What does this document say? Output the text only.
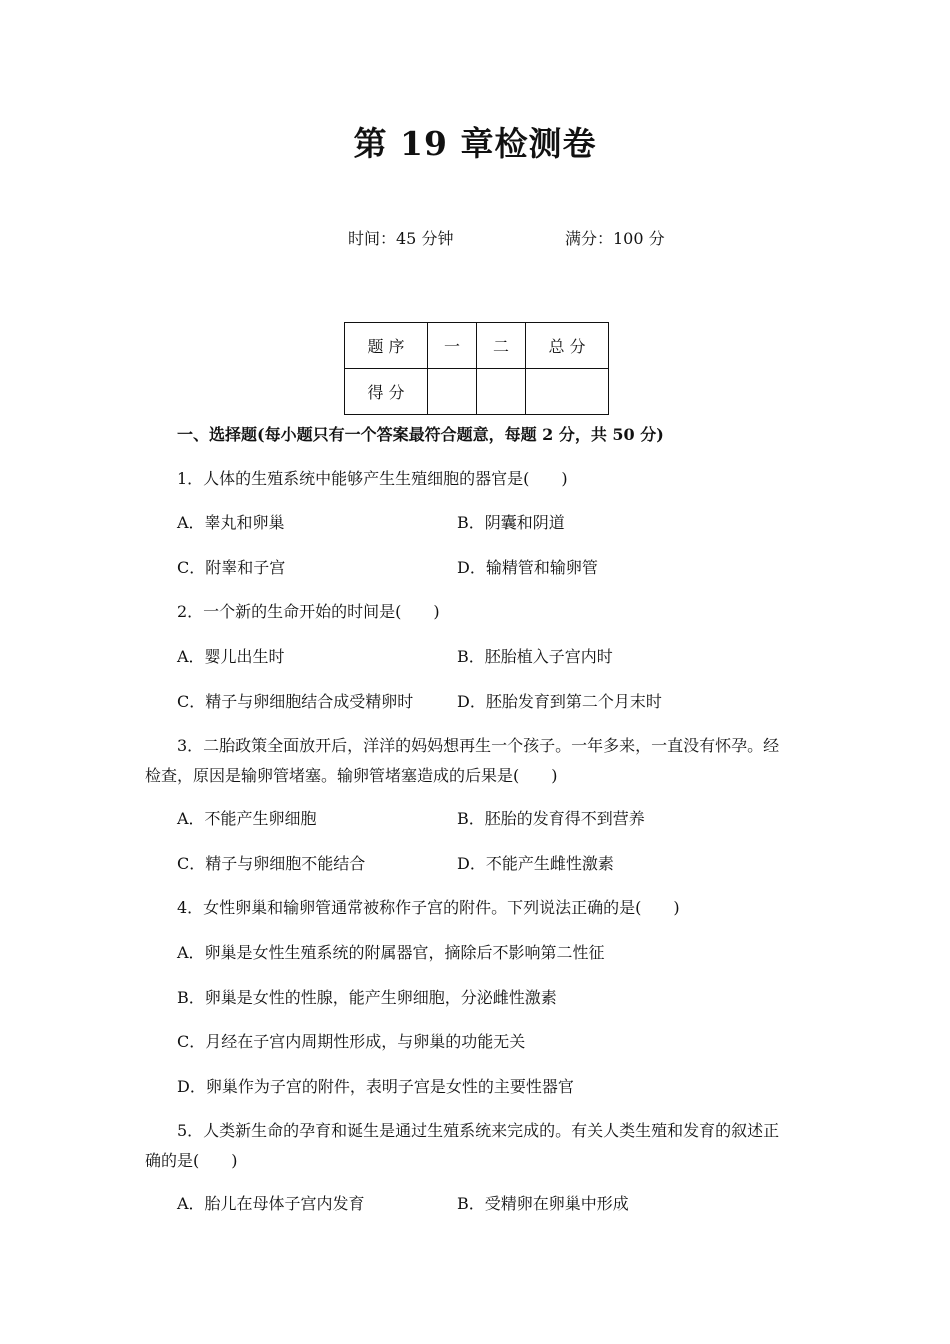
第 19 章检测卷
时间：45 分钟	满分：100 分
题 序	一	二	总 分
得 分			
一、选择题(每小题只有一个答案最符合题意，每题 2 分，共 50 分)
1．人体的生殖系统中能够产生生殖细胞的器官是(　　)
A．睾丸和卵巢	B．阴囊和阴道
C．附睾和子宫	D．输精管和输卵管
2．一个新的生命开始的时间是(　　)
A．婴儿出生时	B．胚胎植入子宫内时
C．精子与卵细胞结合成受精卵时	D．胚胎发育到第二个月末时
3．二胎政策全面放开后，洋洋的妈妈想再生一个孩子。一年多来，一直没有怀孕。经
检查，原因是输卵管堵塞。输卵管堵塞造成的后果是(　　)
A．不能产生卵细胞	B．胚胎的发育得不到营养
C．精子与卵细胞不能结合	D．不能产生雌性激素
4．女性卵巢和输卵管通常被称作子宫的附件。下列说法正确的是(　　)
A．卵巢是女性生殖系统的附属器官，摘除后不影响第二性征
B．卵巢是女性的性腺，能产生卵细胞，分泌雌性激素
C．月经在子宫内周期性形成，与卵巢的功能无关
D．卵巢作为子宫的附件，表明子宫是女性的主要性器官
5．人类新生命的孕育和诞生是通过生殖系统来完成的。有关人类生殖和发育的叙述正
确的是(　　)
A．胎儿在母体子宫内发育	B．受精卵在卵巢中形成
